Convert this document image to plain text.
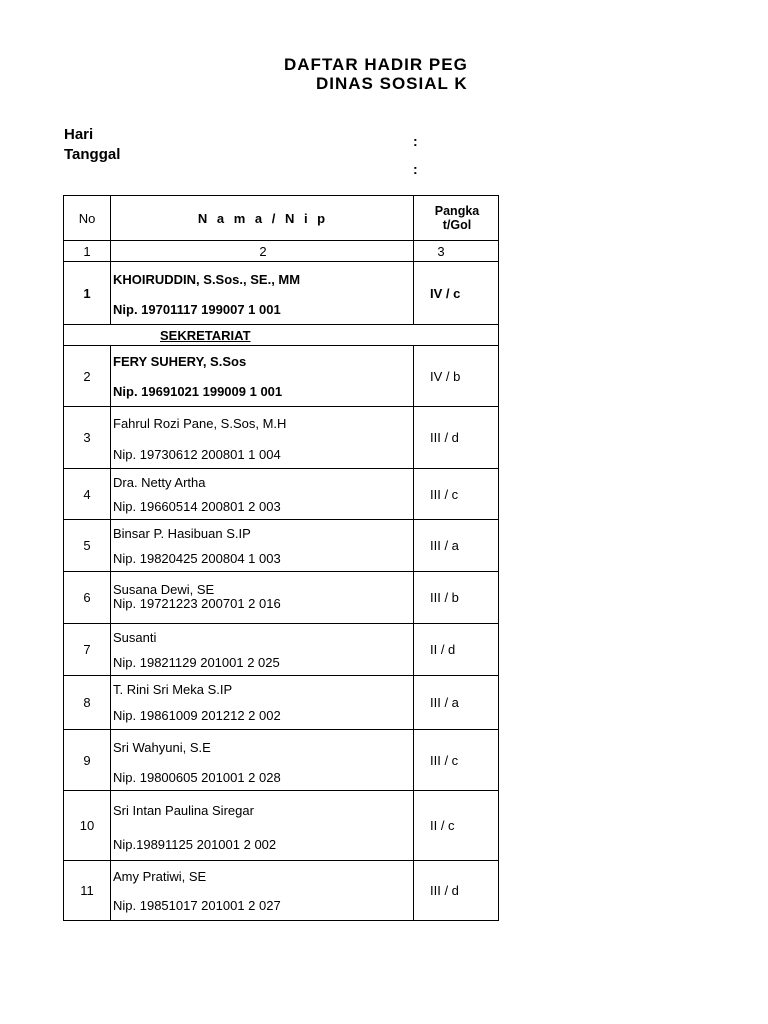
DAFTAR HADIR PEG
DINAS SOSIAL K
Hari
Tanggal
:
:
No	N a m a / N i p	Pangka
t/Gol

1	2	3
1	KHOIRUDDIN, S.Sos., SE., MM
Nip. 19701117 199007 1 001	IV / c
SEKRETARIAT		
2	FERY SUHERY, S.Sos
Nip. 19691021 199009 1 001	IV / b
3	Fahrul Rozi Pane, S.Sos, M.H
Nip. 19730612 200801 1 004	III / d
4	Dra. Netty Artha
Nip. 19660514 200801 2 003	III / c
5	Binsar P. Hasibuan S.IP
Nip. 19820425 200804 1 003	III / a
6	Susana Dewi, SE
Nip. 19721223 200701 2 016	III / b
7	Susanti
Nip. 19821129 201001 2 025	II / d
8	T. Rini Sri Meka S.IP
Nip. 19861009 201212 2 002	III / a
9	Sri Wahyuni, S.E
Nip. 19800605 201001 2 028	III / c
10	Sri Intan Paulina Siregar
Nip.19891125 201001 2 002	II / c
11	Amy Pratiwi, SE
Nip. 19851017 201001 2 027	III / d
